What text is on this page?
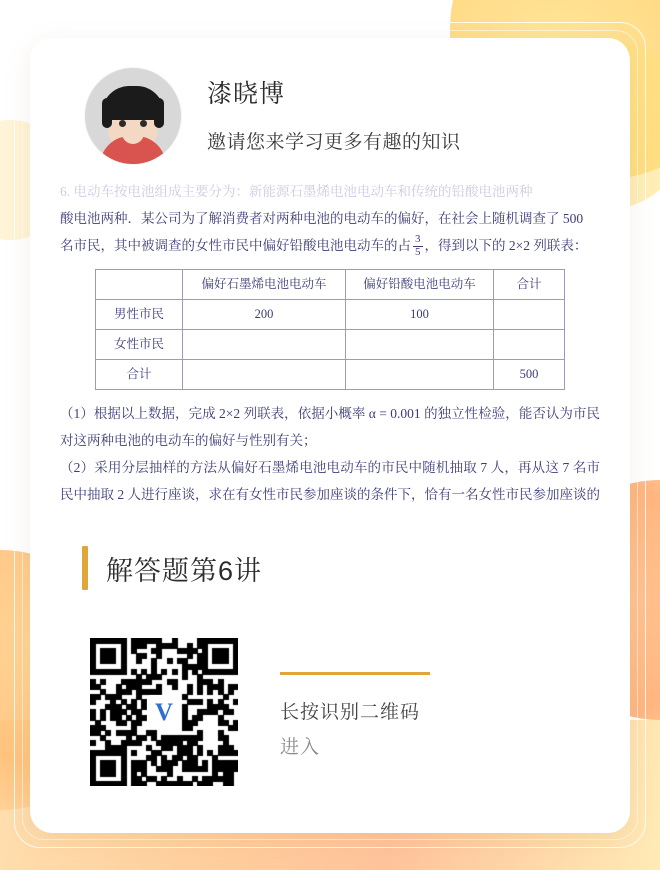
漆晓博
邀请您来学习更多有趣的知识

6. 电动车按电池组成主要分为：新能源石墨烯电池电动车和传统的铅酸电池两种

酸电池两种．某公司为了解消费者对两种电池的电动车的偏好，在社会上随机调查了 500

名市民，其中被调查的女性市民中偏好铅酸电池电动车的占 $\frac{3}{5}$ ，得到以下的 2×2 列联表：

	偏好石墨烯电池电动车	偏好铅酸电池电动车	合计
男性市民	200	100	
女性市民			
合计			500

（1）根据以上数据，完成 2×2 列联表，依据小概率 α = 0.001 的独立性检验，能否认为市民对这两种电池的电动车的偏好与性别有关；

（2）采用分层抽样的方法从偏好石墨烯电池电动车的市民中随机抽取 7 人，再从这 7 名市民中抽取 2 人进行座谈，求在有女性市民参加座谈的条件下，恰有一名女性市民参加座谈的

解答题第6讲
V	长按识别二维码
进入
